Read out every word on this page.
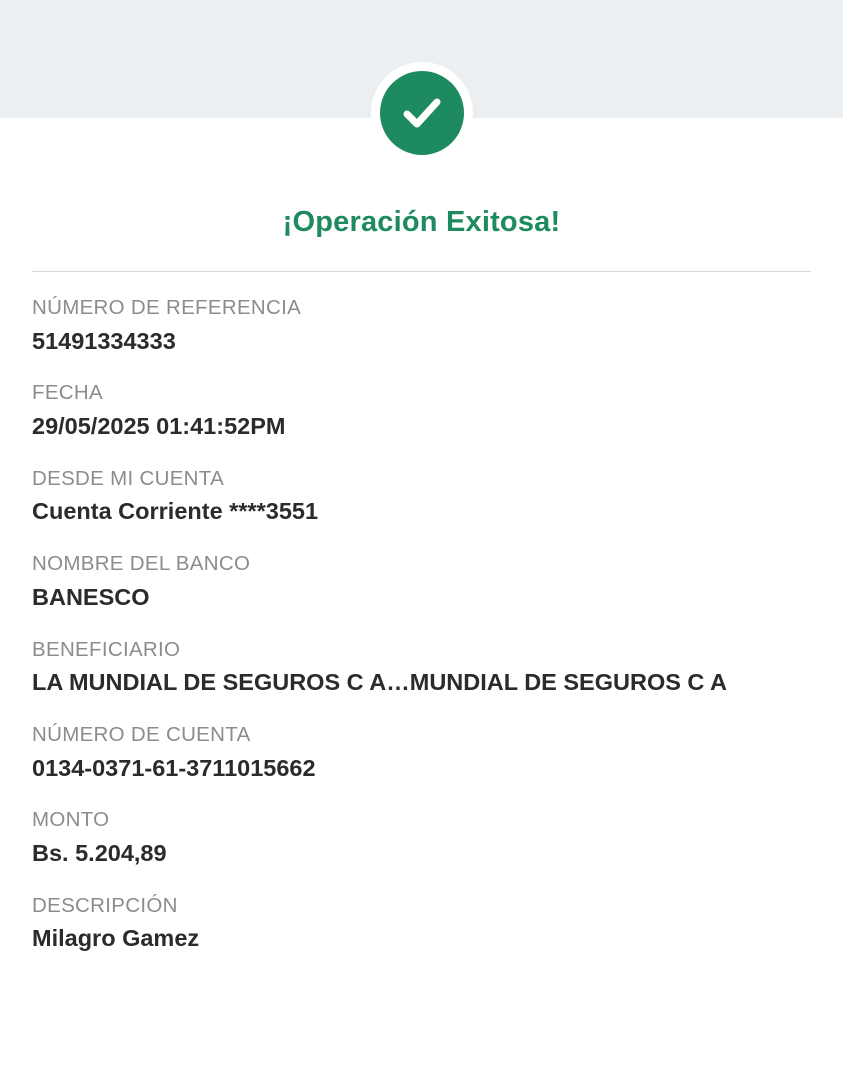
¡Operación Exitosa!
NÚMERO DE REFERENCIA
51491334333
FECHA
29/05/2025 01:41:52PM
DESDE MI CUENTA
Cuenta Corriente ****3551
NOMBRE DEL BANCO
BANESCO
BENEFICIARIO
LA MUNDIAL DE SEGUROS C A…MUNDIAL DE SEGUROS C A
NÚMERO DE CUENTA
0134-0371-61-3711015662
MONTO
Bs. 5.204,89
DESCRIPCIÓN
Milagro Gamez
